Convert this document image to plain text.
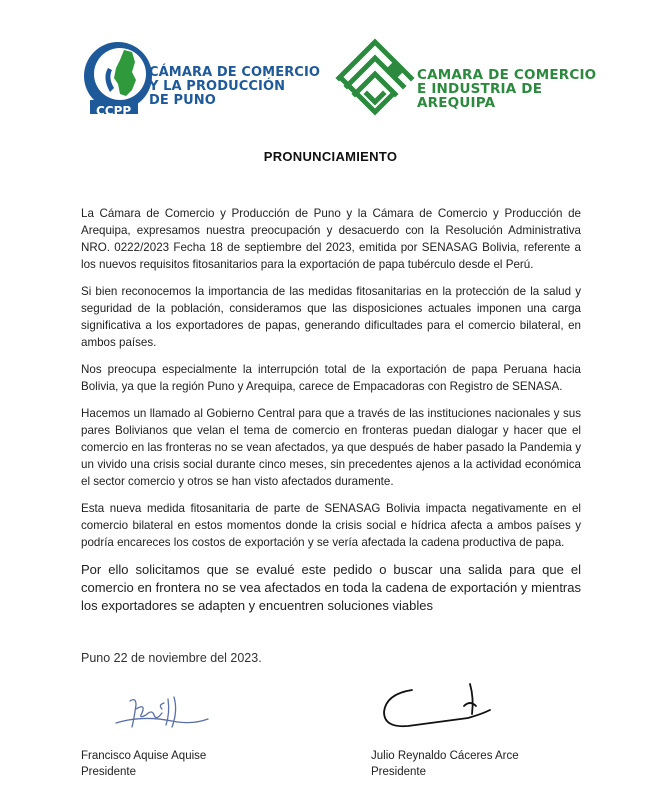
CCPP
CÁMARA DE COMERCIO
Y LA PRODUCCIÓN
DE PUNO
CAMARA DE COMERCIO
E INDUSTRIA DE
AREQUIPA
PRONUNCIAMIENTO

La Cámara de Comercio y Producción de Puno y la Cámara de Comercio y Producción de Arequipa, expresamos nuestra preocupación y desacuerdo con la Resolución Administrativa NRO. 0222/2023 Fecha 18 de septiembre del 2023, emitida por SENASAG Bolivia, referente a los nuevos requisitos fitosanitarios para la exportación de papa tubérculo desde el Perú.

Si bien reconocemos la importancia de las medidas fitosanitarias en la protección de la salud y seguridad de la población, consideramos que las disposiciones actuales imponen una carga significativa a los exportadores de papas, generando dificultades para el comercio bilateral, en ambos países.

Nos preocupa especialmente la interrupción total de la exportación de papa Peruana hacia Bolivia, ya que la región Puno y Arequipa, carece de Empacadoras con Registro de SENASA.

Hacemos un llamado al Gobierno Central para que a través de las instituciones nacionales y sus pares Bolivianos que velan el tema de comercio en fronteras puedan dialogar y hacer que el comercio en las fronteras no se vean afectados, ya que después de haber pasado la Pandemia y un vivido una crisis social durante cinco meses, sin precedentes ajenos a la actividad económica el sector comercio y otros se han visto afectados duramente.

Esta nueva medida fitosanitaria de parte de SENASAG Bolivia impacta negativamente en el comercio bilateral en estos momentos donde la crisis social e hídrica afecta a ambos países y podría encareces los costos de exportación y se vería afectada la cadena productiva de papa.

Por ello solicitamos que se evalué este pedido o buscar una salida para que el comercio en frontera no se vea afectados en toda la cadena de exportación y mientras los exportadores se adapten y encuentren soluciones viables

Puno 22 de noviembre del 2023.
Francisco Aquise Aquise
Presidente
Julio Reynaldo Cáceres Arce
Presidente
